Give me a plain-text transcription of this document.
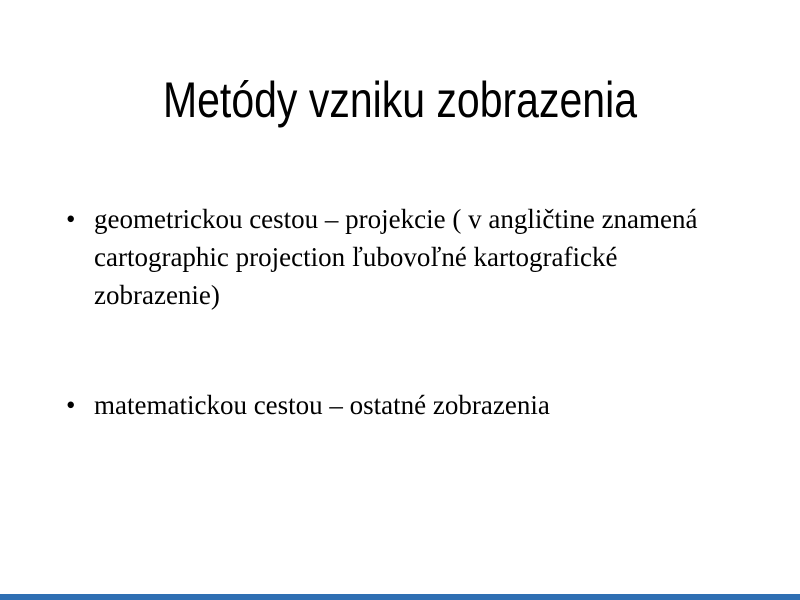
Metódy vzniku zobrazenia
• geometrickou cestou – projekcie ( v angličtine znamená cartographic projection ľubovoľné kartografické zobrazenie)
• matematickou cestou – ostatné zobrazenia
